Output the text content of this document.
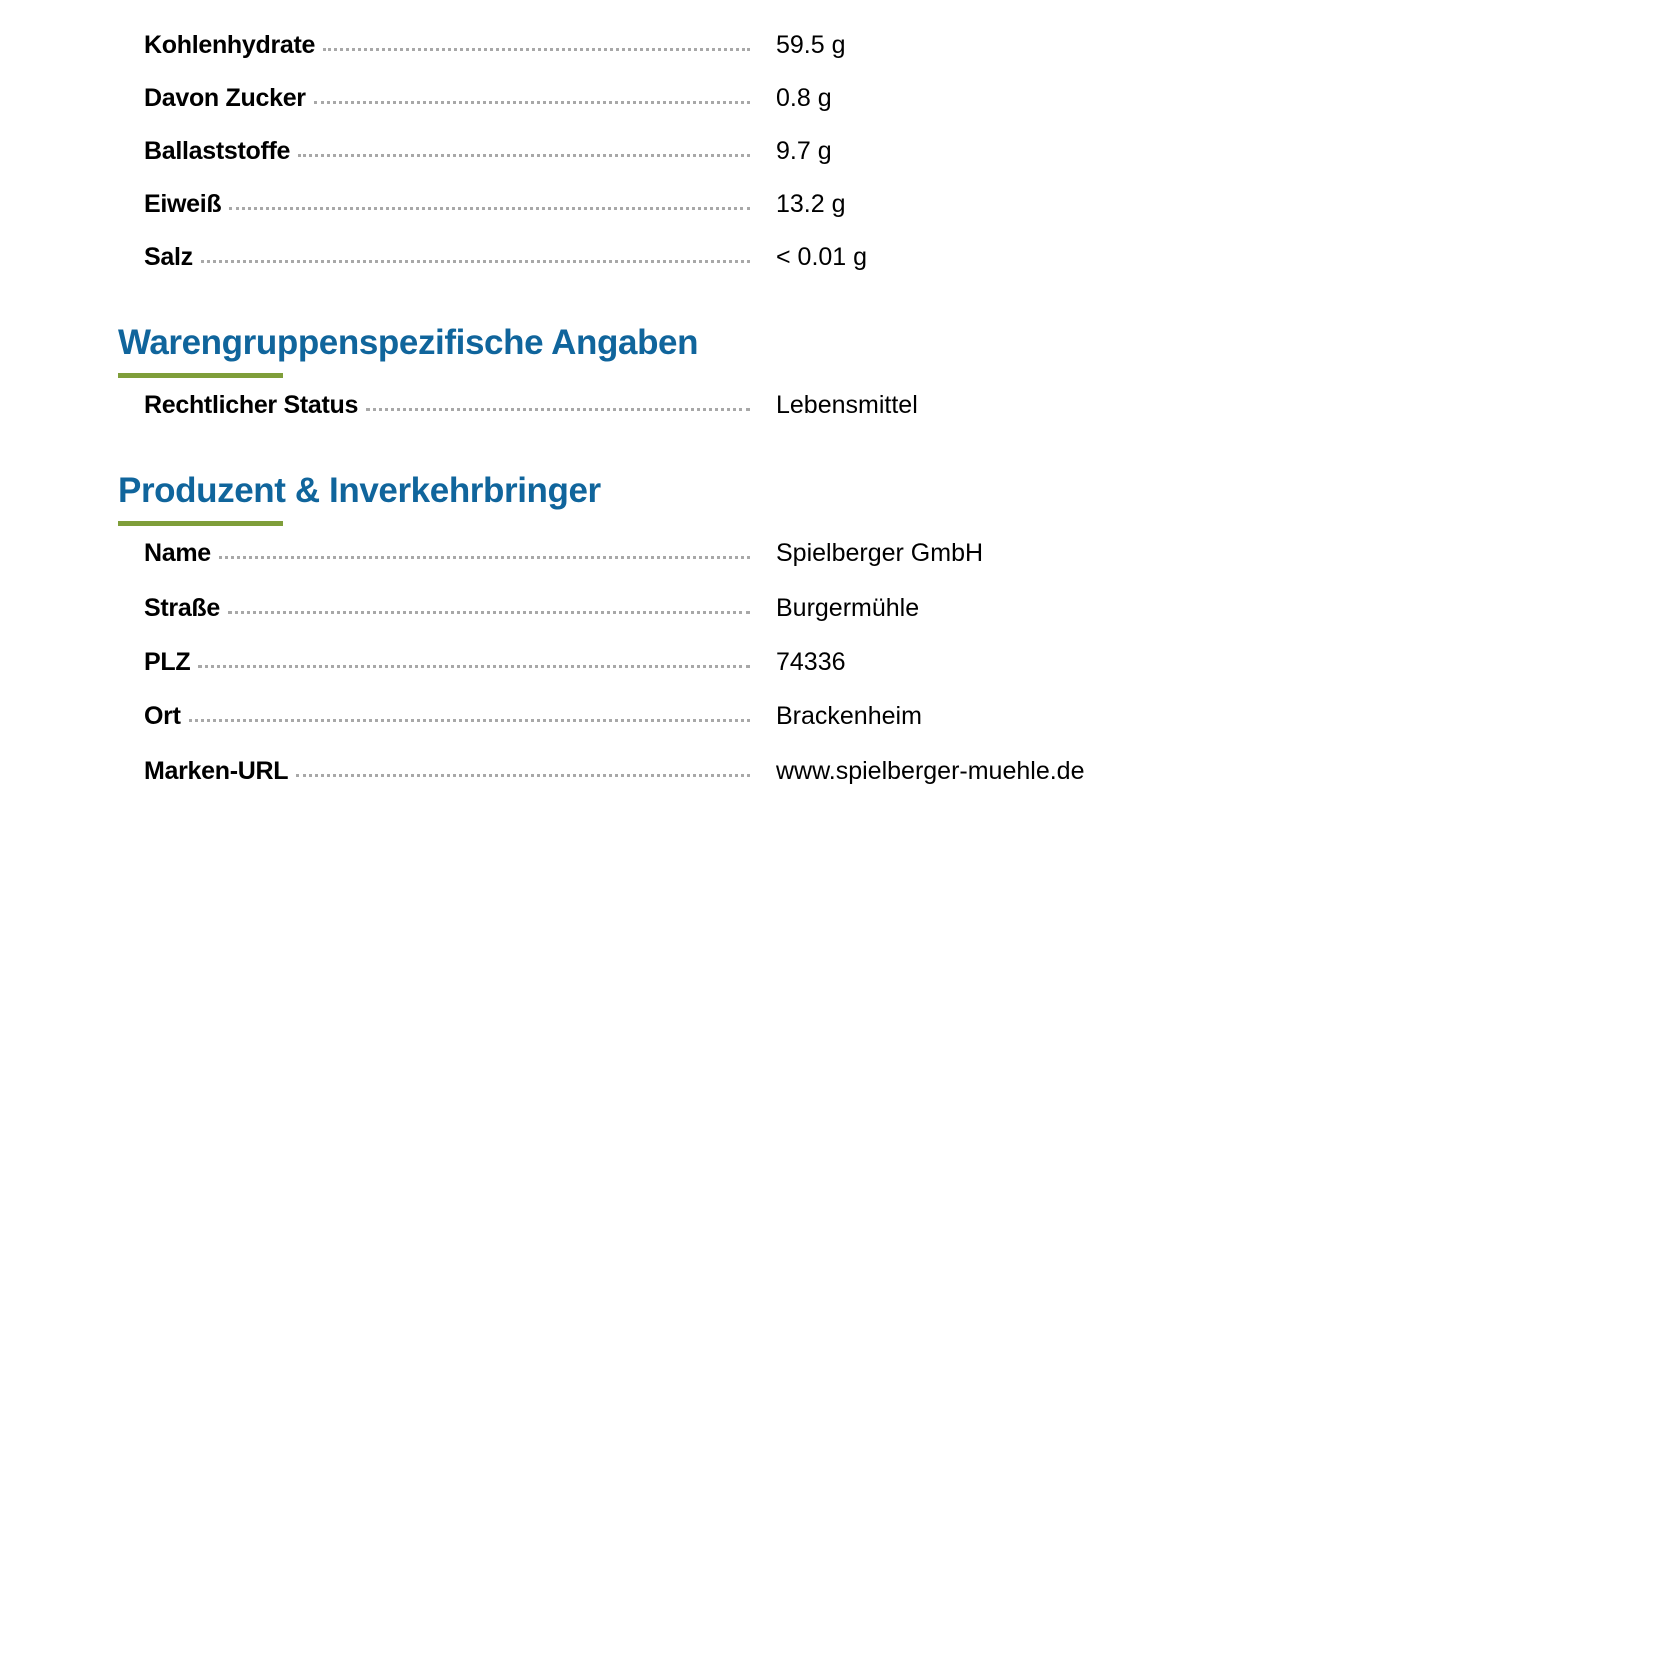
Kohlenhydrate	59.5 g
Davon Zucker	0.8 g
Ballaststoffe	9.7 g
Eiweiß	13.2 g
Salz	< 0.01 g
Warengruppenspezifische Angaben
Rechtlicher Status	Lebensmittel
Produzent & Inverkehrbringer
Name	Spielberger GmbH
Straße	Burgermühle
PLZ	74336
Ort	Brackenheim
Marken-URL	www.spielberger-muehle.de
